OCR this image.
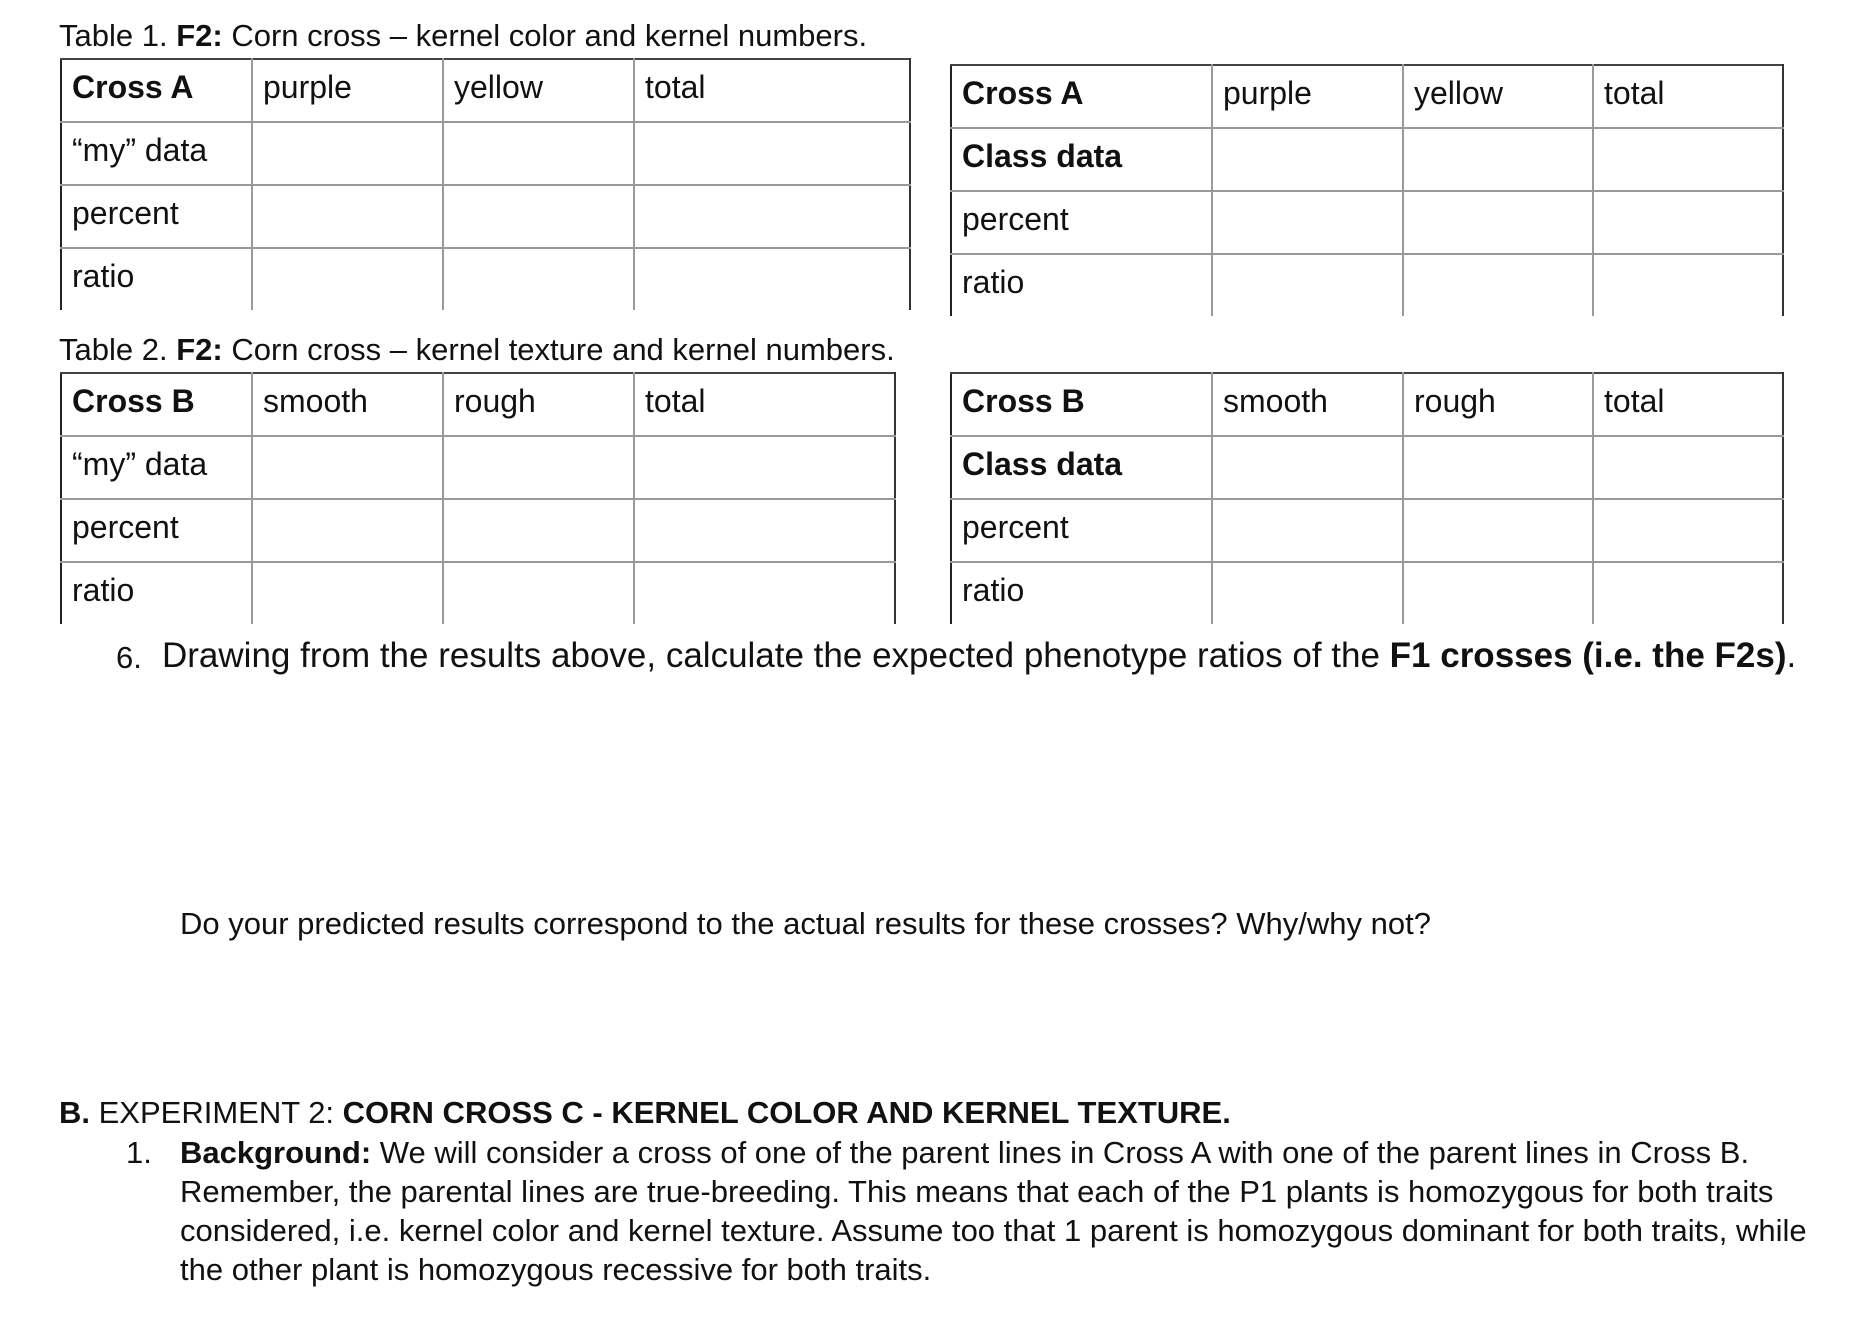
Table 1. F2: Corn cross – kernel color and kernel numbers.
Cross A	purple	yellow	total
“my” data			
percent			
ratio			
Cross A	purple	yellow	total
Class data			
percent			
ratio			
Table 2. F2: Corn cross – kernel texture and kernel numbers.
Cross B	smooth	rough	total
“my” data			
percent			
ratio			
Cross B	smooth	rough	total
Class data			
percent			
ratio			
6. Drawing from the results above, calculate the expected phenotype ratios of the F1 crosses (i.e. the F2s).
Do your predicted results correspond to the actual results for these crosses? Why/why not?
B. EXPERIMENT 2: CORN CROSS C - KERNEL COLOR AND KERNEL TEXTURE.
1. Background: We will consider a cross of one of the parent lines in Cross A with one of the parent lines in Cross B. Remember, the parental lines are true-breeding. This means that each of the P1 plants is homozygous for both traits considered, i.e. kernel color and kernel texture. Assume too that 1 parent is homozygous dominant for both traits, while the other plant is homozygous recessive for both traits.
